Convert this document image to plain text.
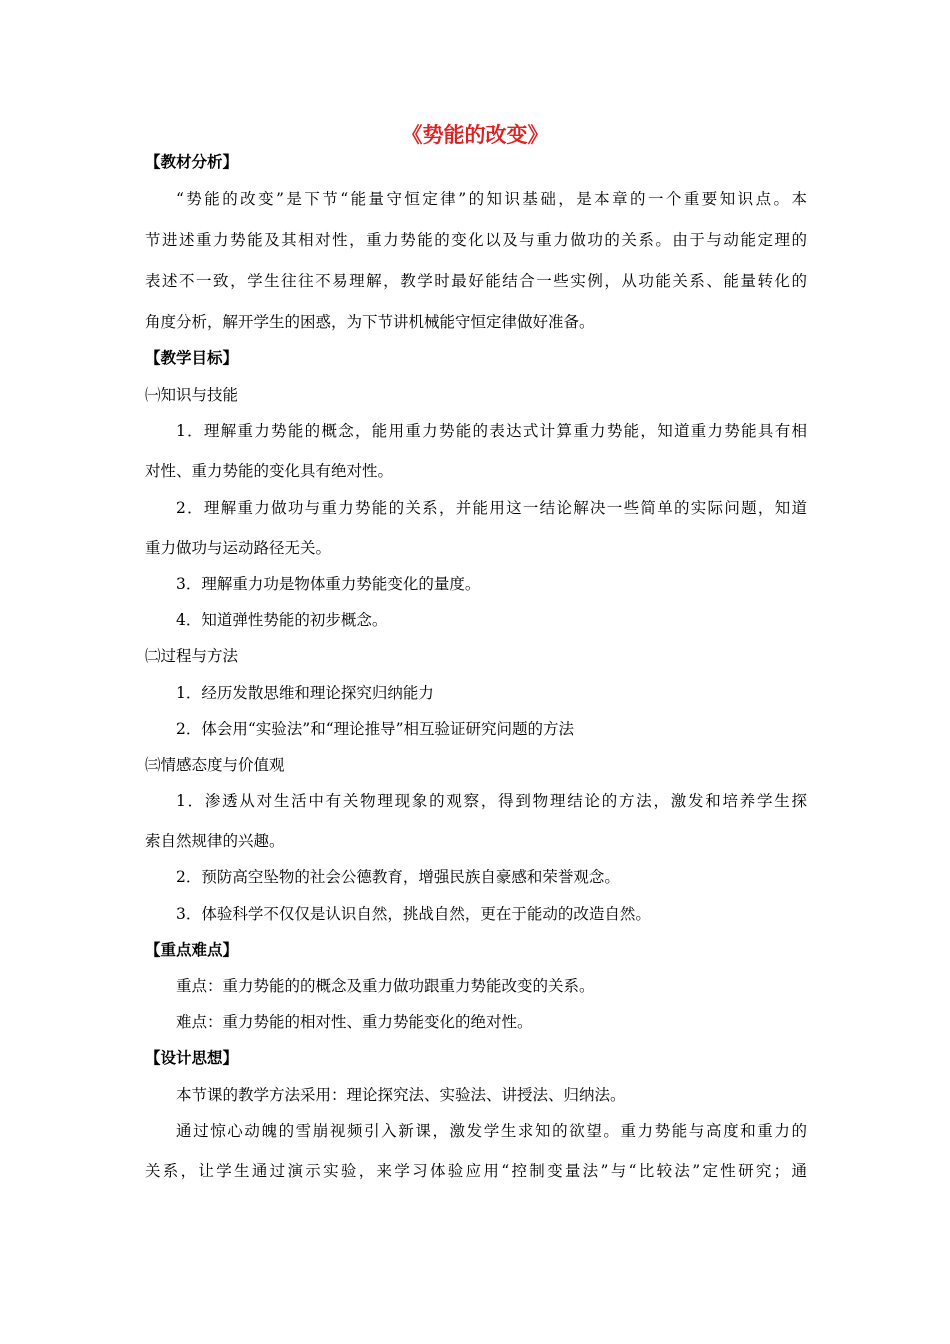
《势能的改变》
【教材分析】
“势能的改变”是下节“能量守恒定律”的知识基础，是本章的一个重要知识点。本
节进述重力势能及其相对性，重力势能的变化以及与重力做功的关系。由于与动能定理的
表述不一致，学生往往不易理解，教学时最好能结合一些实例，从功能关系、能量转化的
角度分析，解开学生的困惑，为下节讲机械能守恒定律做好准备。
【教学目标】
㈠知识与技能
1．理解重力势能的概念，能用重力势能的表达式计算重力势能，知道重力势能具有相
对性、重力势能的变化具有绝对性。
2．理解重力做功与重力势能的关系，并能用这一结论解决一些简单的实际问题，知道
重力做功与运动路径无关。
3．理解重力功是物体重力势能变化的量度。
4．知道弹性势能的初步概念。
㈡过程与方法
1．经历发散思维和理论探究归纳能力
2．体会用“实验法”和“理论推导”相互验证研究问题的方法
㈢情感态度与价值观
1．渗透从对生活中有关物理现象的观察，得到物理结论的方法，激发和培养学生探
索自然规律的兴趣。
2．预防高空坠物的社会公德教育，增强民族自豪感和荣誉观念。
3．体验科学不仅仅是认识自然，挑战自然，更在于能动的改造自然。
【重点难点】
重点：重力势能的的概念及重力做功跟重力势能改变的关系。
难点：重力势能的相对性、重力势能变化的绝对性。
【设计思想】
本节课的教学方法采用：理论探究法、实验法、讲授法、归纳法。
通过惊心动魄的雪崩视频引入新课，激发学生求知的欲望。重力势能与高度和重力的
关系，让学生通过演示实验，来学习体验应用“控制变量法”与“比较法”定性研究；通
